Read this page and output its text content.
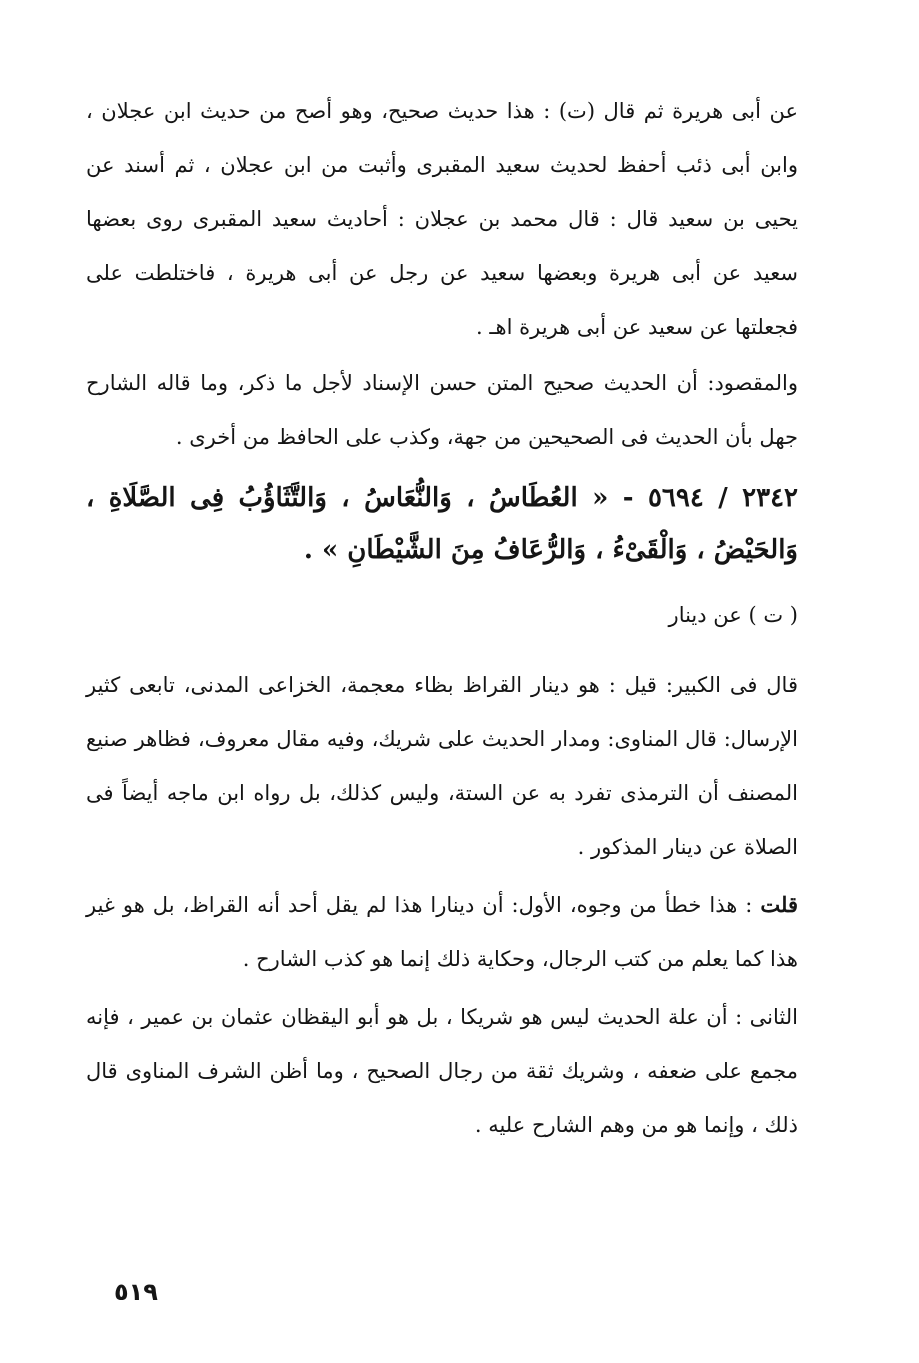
عن أبى هريرة ثم قال (ت) : هذا حديث صحيح، وهو أصح من حديث ابن عجلان ، وابن أبى ذئب أحفظ لحديث سعيد المقبرى وأثبت من ابن عجلان ، ثم أسند عن يحيى بن سعيد قال : قال محمد بن عجلان : أحاديث سعيد المقبرى روى بعضها سعيد عن أبى هريرة وبعضها سعيد عن رجل عن أبى هريرة ، فاختلطت على فجعلتها عن سعيد عن أبى هريرة اهـ .

والمقصود: أن الحديث صحيح المتن حسن الإسناد لأجل ما ذكر، وما قاله الشارح جهل بأن الحديث فى الصحيحين من جهة، وكذب على الحافظ من أخرى .

٢٣٤٢ / ٥٦٩٤ - « العُطَاسُ ، وَالنُّعَاسُ ، وَالتَّثَاؤُبُ فِى الصَّلَاةِ ، وَالحَيْضُ ، وَالْقَىْءُ ، وَالرُّعَافُ مِنَ الشَّيْطَانِ » .
( ت ) عن دينار

قال فى الكبير: قيل : هو دينار القراظ بظاء معجمة، الخزاعى المدنى، تابعى كثير الإرسال: قال المناوى: ومدار الحديث على شريك، وفيه مقال معروف، فظاهر صنيع المصنف أن الترمذى تفرد به عن الستة، وليس كذلك، بل رواه ابن ماجه أيضاً فى الصلاة عن دينار المذكور .

قلت : هذا خطأ من وجوه، الأول: أن دينارا هذا لم يقل أحد أنه القراظ، بل هو غير هذا كما يعلم من كتب الرجال، وحكاية ذلك إنما هو كذب الشارح .

الثانى : أن علة الحديث ليس هو شريكا ، بل هو أبو اليقظان عثمان بن عمير ، فإنه مجمع على ضعفه ، وشريك ثقة من رجال الصحيح ، وما أظن الشرف المناوى قال ذلك ، وإنما هو من وهم الشارح عليه .

٥١٩
